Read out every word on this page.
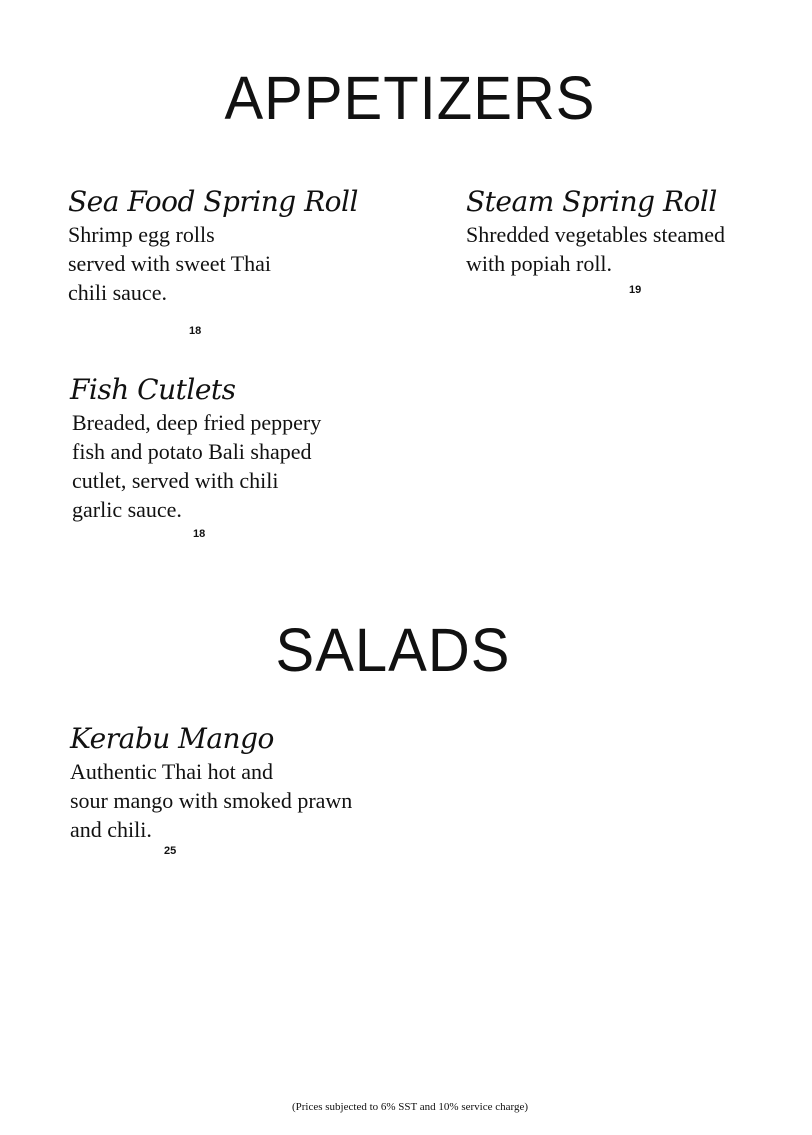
APPETIZERS
Sea Food Spring Roll
Shrimp egg rolls
served with sweet Thai
chili sauce.
18
Steam Spring Roll
Shredded vegetables steamed
with popiah roll.
19
Fish Cutlets
Breaded, deep fried peppery
fish and potato Bali shaped
cutlet, served with chili
garlic sauce.
18
SALADS
Kerabu Mango
Authentic Thai hot and
sour mango with smoked prawn
and chili.
25
(Prices subjected to 6% SST and 10% service charge)
